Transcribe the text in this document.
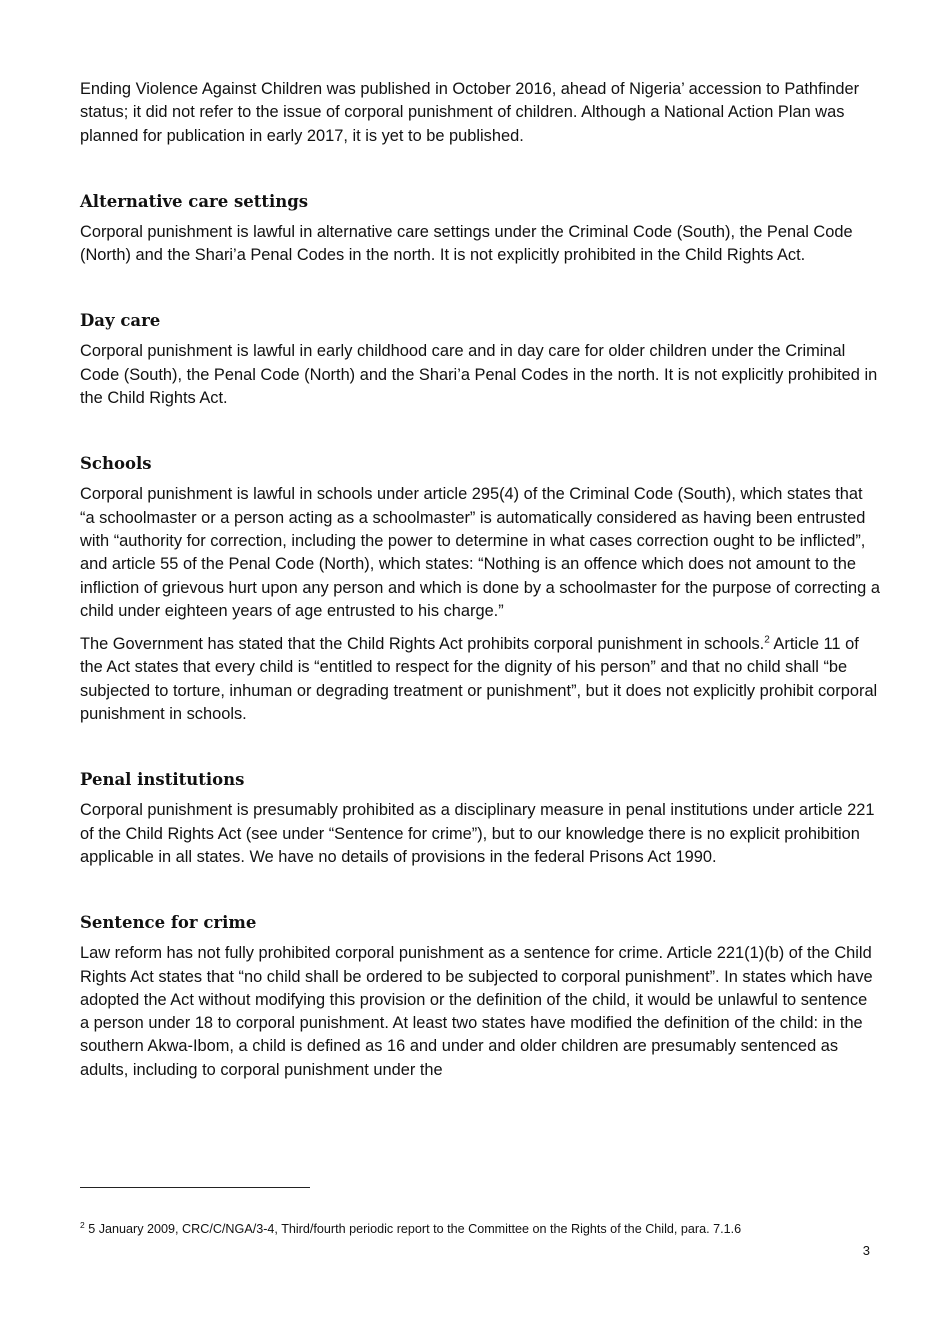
Ending Violence Against Children was published in October 2016, ahead of Nigeria’ accession to Pathfinder status; it did not refer to the issue of corporal punishment of children. Although a National Action Plan was planned for publication in early 2017, it is yet to be published.

Alternative care settings

Corporal punishment is lawful in alternative care settings under the Criminal Code (South), the Penal Code (North) and the Shari’a Penal Codes in the north. It is not explicitly prohibited in the Child Rights Act.

Day care

Corporal punishment is lawful in early childhood care and in day care for older children under the Criminal Code (South), the Penal Code (North) and the Shari’a Penal Codes in the north. It is not explicitly prohibited in the Child Rights Act.

Schools

Corporal punishment is lawful in schools under article 295(4) of the Criminal Code (South), which states that “a schoolmaster or a person acting as a schoolmaster” is automatically considered as having been entrusted with “authority for correction, including the power to determine in what cases correction ought to be inflicted”, and article 55 of the Penal Code (North), which states: “Nothing is an offence which does not amount to the infliction of grievous hurt upon any person and which is done by a schoolmaster for the purpose of correcting a child under eighteen years of age entrusted to his charge.”

The Government has stated that the Child Rights Act prohibits corporal punishment in schools.$^2$ Article 11 of the Act states that every child is “entitled to respect for the dignity of his person” and that no child shall “be subjected to torture, inhuman or degrading treatment or punishment”, but it does not explicitly prohibit corporal punishment in schools.

Penal institutions

Corporal punishment is presumably prohibited as a disciplinary measure in penal institutions under article 221 of the Child Rights Act (see under “Sentence for crime”), but to our knowledge there is no explicit prohibition applicable in all states. We have no details of provisions in the federal Prisons Act 1990.

Sentence for crime

Law reform has not fully prohibited corporal punishment as a sentence for crime. Article 221(1)(b) of the Child Rights Act states that “no child shall be ordered to be subjected to corporal punishment”. In states which have adopted the Act without modifying this provision or the definition of the child, it would be unlawful to sentence a person under 18 to corporal punishment. At least two states have modified the definition of the child: in the southern Akwa-Ibom, a child is defined as 16 and under and older children are presumably sentenced as adults, including to corporal punishment under the

$^2$ 5 January 2009, CRC/C/NGA/3-4, Third/fourth periodic report to the Committee on the Rights of the Child, para. 7.1.6

3
